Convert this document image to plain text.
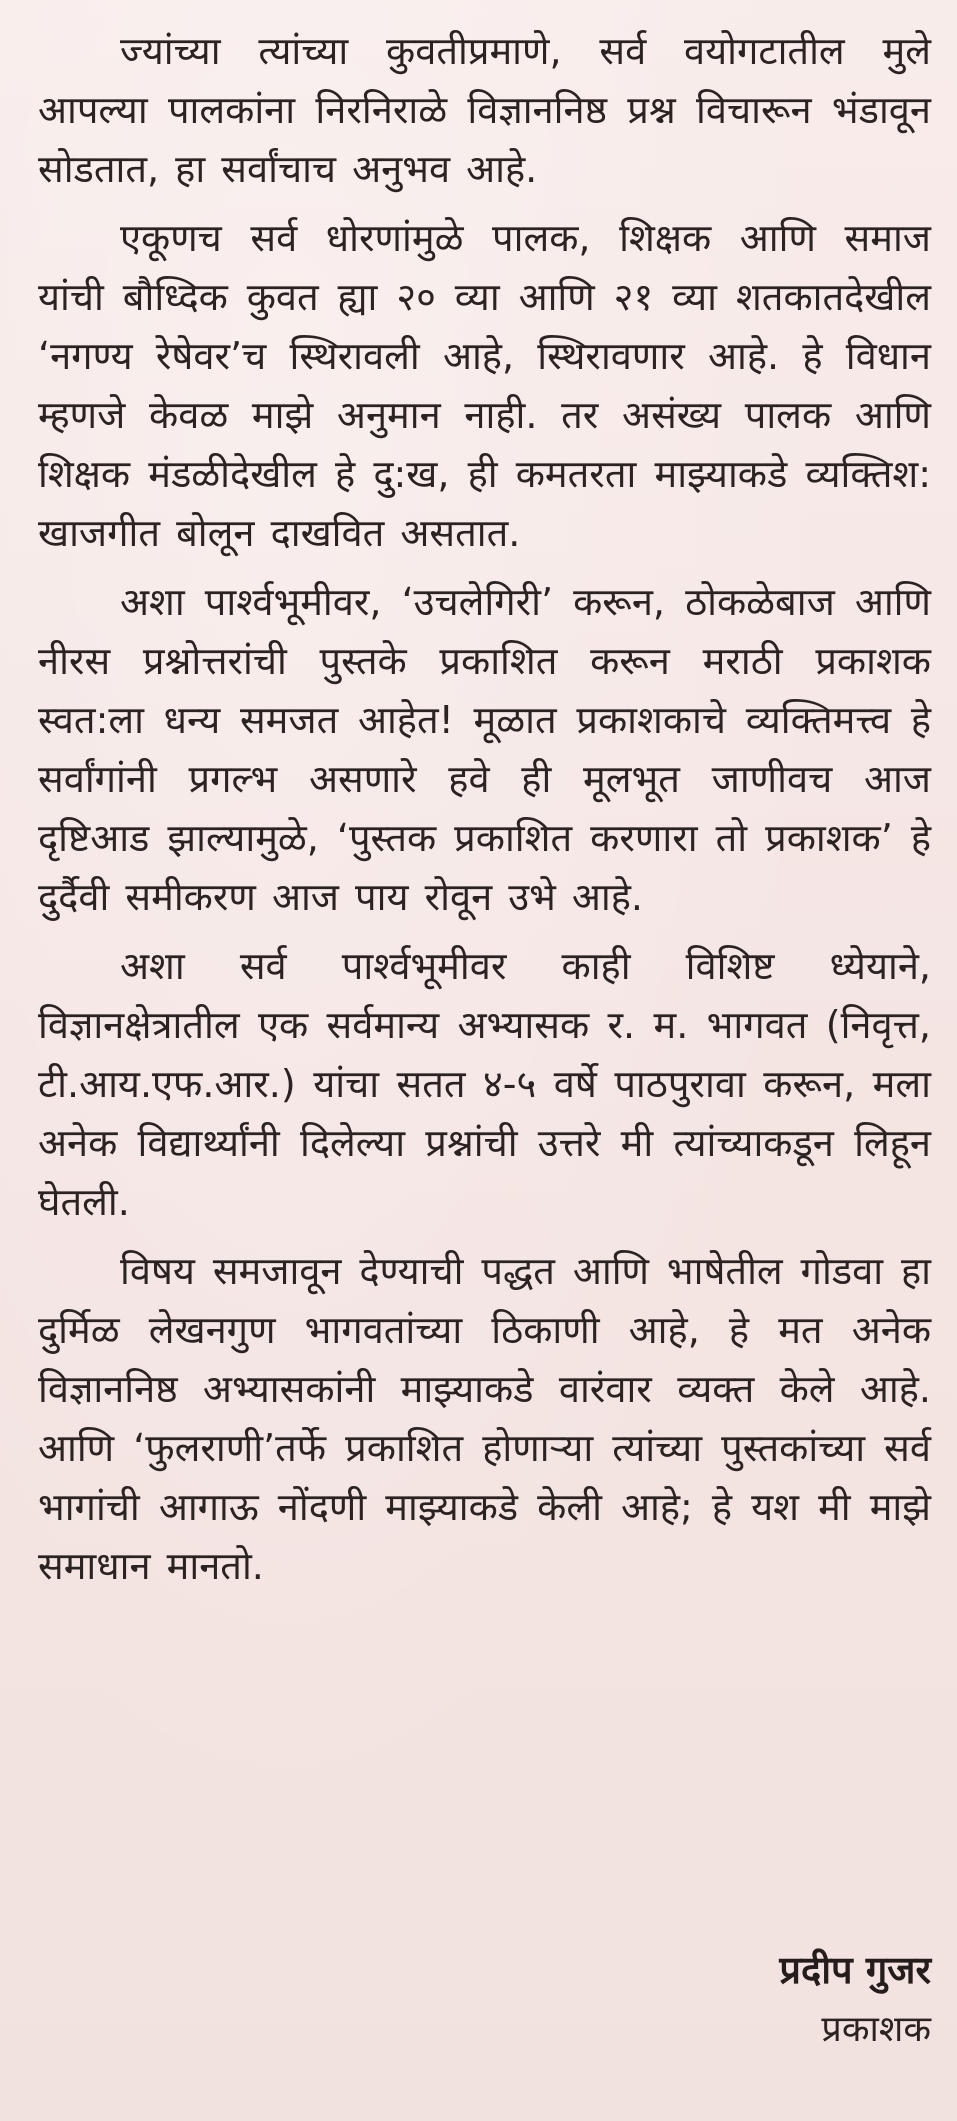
ज्यांच्या त्यांच्या कुवतीप्रमाणे, सर्व वयोगटातील मुले आपल्या पालकांना निरनिराळे विज्ञाननिष्ठ प्रश्न विचारून भंडावून सोडतात, हा सर्वांचाच अनुभव आहे.

एकूणच सर्व धोरणांमुळे पालक, शिक्षक आणि समाज यांची बौध्दिक कुवत ह्या २० व्या आणि २१ व्या शतकातदेखील ‘नगण्य रेषेवर’च स्थिरावली आहे, स्थिरावणार आहे. हे विधान म्हणजे केवळ माझे अनुमान नाही. तर असंख्य पालक आणि शिक्षक मंडळीदेखील हे दु:ख, ही कमतरता माझ्याकडे व्यक्तिश: खाजगीत बोलून दाखवित असतात.

अशा पार्श्वभूमीवर, ‘उचलेगिरी’ करून, ठोकळेबाज आणि नीरस प्रश्नोत्तरांची पुस्तके प्रकाशित करून मराठी प्रकाशक स्वत:ला धन्य समजत आहेत! मूळात प्रकाशकाचे व्यक्तिमत्त्व हे सर्वांगांनी प्रगल्भ असणारे हवे ही मूलभूत जाणीवच आज दृष्टिआड झाल्यामुळे, ‘पुस्तक प्रकाशित करणारा तो प्रकाशक’ हे दुर्दैवी समीकरण आज पाय रोवून उभे आहे.

अशा सर्व पार्श्वभूमीवर काही विशिष्ट ध्येयाने, विज्ञानक्षेत्रातील एक सर्वमान्य अभ्यासक र. म. भागवत (निवृत्त, टी.आय.एफ.आर.) यांचा सतत ४-५ वर्षे पाठपुरावा करून, मला अनेक विद्यार्थ्यांनी दिलेल्या प्रश्नांची उत्तरे मी त्यांच्याकडून लिहून घेतली.

विषय समजावून देण्याची पद्धत आणि भाषेतील गोडवा हा दुर्मिळ लेखनगुण भागवतांच्या ठिकाणी आहे, हे मत अनेक विज्ञाननिष्ठ अभ्यासकांनी माझ्याकडे वारंवार व्यक्त केले आहे. आणि ‘फुलराणी’तर्फे प्रकाशित होणाऱ्या त्यांच्या पुस्तकांच्या सर्व भागांची आगाऊ नोंदणी माझ्याकडे केली आहे; हे यश मी माझे समाधान मानतो.

प्रदीप गुजर
प्रकाशक
